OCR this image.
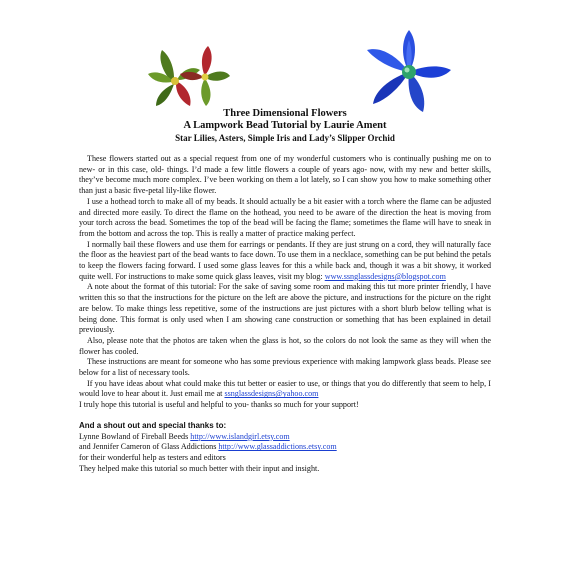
Three Dimensional Flowers
A Lampwork Bead Tutorial by Laurie Ament
Star Lilies, Asters, Simple Iris and Lady’s Slipper Orchid

These flowers started out as a special request from one of my wonderful customers who is continually pushing me on to new- or in this case, old- things. I’d made a few little flowers a couple of years ago- now, with my new and better skills, they’ve become much more complex. I’ve been working on them a lot lately, so I can show you how to make something other than just a basic five-petal lily-like flower.

I use a hothead torch to make all of my beads. It should actually be a bit easier with a torch where the flame can be adjusted and directed more easily. To direct the flame on the hothead, you need to be aware of the direction the heat is moving from your torch across the bead. Sometimes the top of the bead will be facing the flame; sometimes the flame will have to sneak in from the bottom and across the top. This is really a matter of practice making perfect.

I normally bail these flowers and use them for earrings or pendants. If they are just strung on a cord, they will naturally face the floor as the heaviest part of the bead wants to face down. To use them in a necklace, something can be put behind the petals to keep the flowers facing forward. I used some glass leaves for this a while back and, though it was a bit showy, it worked quite well. For instructions to make some quick glass leaves, visit my blog: www.ssnglassdesigns@blogspot.com

A note about the format of this tutorial: For the sake of saving some room and making this tut more printer friendly, I have written this so that the instructions for the picture on the left are above the picture, and instructions for the picture on the right are below. To make things less repetitive, some of the instructions are just pictures with a short blurb below telling what is being done. This format is only used when I am showing cane construction or something that has been explained in detail previously.

Also, please note that the photos are taken when the glass is hot, so the colors do not look the same as they will when the flower has cooled.

These instructions are meant for someone who has some previous experience with making lampwork glass beads. Please see below for a list of necessary tools.

If you have ideas about what could make this tut better or easier to use, or things that you do differently that seem to help, I would love to hear about it. Just email me at ssnglassdesigns@yahoo.com

I truly hope this tutorial is useful and helpful to you- thanks so much for your support!

And a shout out and special thanks to:

Lynne Bowland of Fireball Beeds http://www.islandgirl.etsy.com

and Jennifer Cameron of Glass Addictions http://www.glassaddictions.etsy.com

for their wonderful help as testers and editors

They helped make this tutorial so much better with their input and insight.
